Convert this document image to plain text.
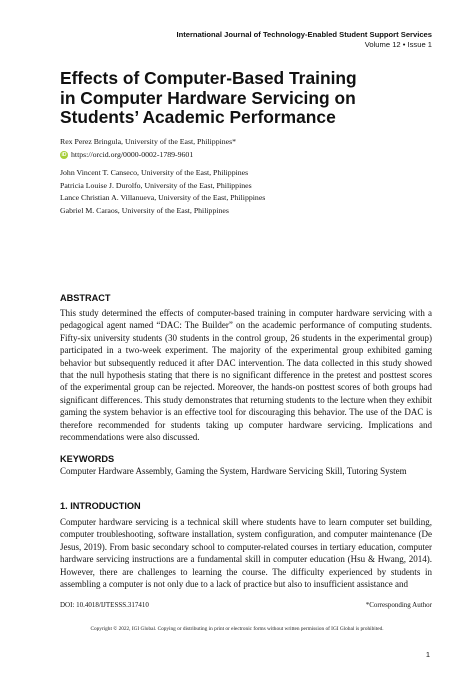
International Journal of Technology-Enabled Student Support Services
Volume 12 • Issue 1
Effects of Computer-Based Training
in Computer Hardware Servicing on
Students’ Academic Performance
Rex Perez Bringula, University of the East, Philippines*
iD https://orcid.org/0000-0002-1789-9601
John Vincent T. Canseco, University of the East, Philippines
Patricia Louise J. Durolfo, University of the East, Philippines
Lance Christian A. Villanueva, University of the East, Philippines
Gabriel M. Caraos, University of the East, Philippines
ABSTRACT

This study determined the effects of computer-based training in computer hardware servicing with a pedagogical agent named “DAC: The Builder” on the academic performance of computing students. Fifty-six university students (30 students in the control group, 26 students in the experimental group) participated in a two-week experiment. The majority of the experimental group exhibited gaming behavior but subsequently reduced it after DAC intervention. The data collected in this study showed that the null hypothesis stating that there is no significant difference in the pretest and posttest scores of the experimental group can be rejected. Moreover, the hands-on posttest scores of both groups had significant differences. This study demonstrates that returning students to the lecture when they exhibit gaming the system behavior is an effective tool for discouraging this behavior. The use of the DAC is therefore recommended for students taking up computer hardware servicing. Implications and recommendations were also discussed.

KEYWORDS

Computer Hardware Assembly, Gaming the System, Hardware Servicing Skill, Tutoring System

1. INTRODUCTION

Computer hardware servicing is a technical skill where students have to learn computer set building, computer troubleshooting, software installation, system configuration, and computer maintenance (De Jesus, 2019). From basic secondary school to computer-related courses in tertiary education, computer hardware servicing instructions are a fundamental skill in computer education (Hsu & Hwang, 2014). However, there are challenges to learning the course. The difficulty experienced by students in assembling a computer is not only due to a lack of practice but also to insufficient assistance and

DOI: 10.4018/IJTESSS.317410	*Corresponding Author
Copyright © 2022, IGI Global. Copying or distributing in print or electronic forms without written permission of IGI Global is prohibited.
1
